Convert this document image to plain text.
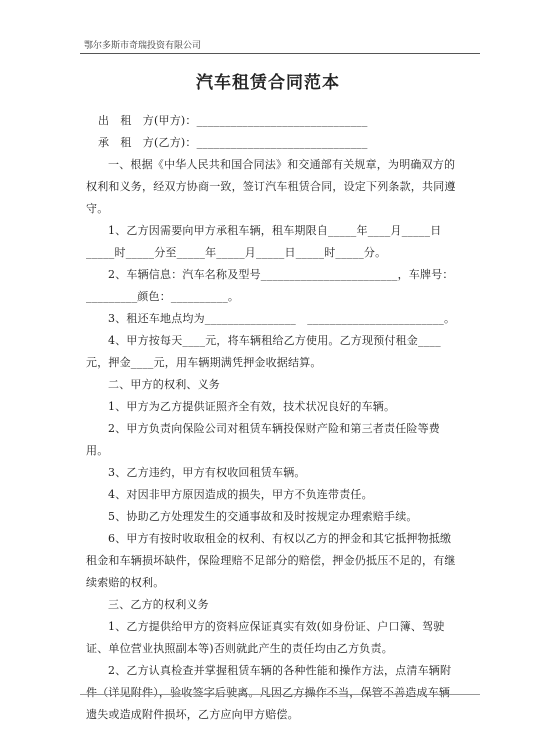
鄂尔多斯市奇瑞投资有限公司
汽车租赁合同范本

出　租　方(甲方)：______________________________

承　租　方(乙方)：______________________________

一、根据《中华人民共和国合同法》和交通部有关规章，为明确双方的权利和义务，经双方协商一致，签订汽车租赁合同，设定下列条款，共同遵守。

1、乙方因需要向甲方承租车辆，租车期限自_____年____月_____日_____时_____分至_____年_____月_____日_____时_____分。

2、车辆信息：汽车名称及型号________________________，车牌号：_________颜色：__________。

3、租还车地点均为________________　________________________。

4、甲方按每天____元，将车辆租给乙方使用。乙方现预付租金____元，押金____元，用车辆期满凭押金收据结算。

二、甲方的权利、义务

1、甲方为乙方提供证照齐全有效，技术状况良好的车辆。

2、甲方负责向保险公司对租赁车辆投保财产险和第三者责任险等费用。

3、乙方违约，甲方有权收回租赁车辆。

4、对因非甲方原因造成的损失，甲方不负连带责任。

5、协助乙方处理发生的交通事故和及时按规定办理索赔手续。

6、甲方有按时收取租金的权利、有权以乙方的押金和其它抵押物抵缴租金和车辆损坏缺件，保险理赔不足部分的赔偿，押金仍抵压不足的，有继续索赔的权利。

三、乙方的权利义务

1、乙方提供给甲方的资料应保证真实有效(如身份证、户口簿、驾驶证、单位营业执照副本等)否则就此产生的责任均由乙方负责。

2、乙方认真检查并掌握租赁车辆的各种性能和操作方法，点清车辆附件（详见附件），验收签字后驶离。凡因乙方操作不当，保管不善造成车辆遗失或造成附件损坏，乙方应向甲方赔偿。
